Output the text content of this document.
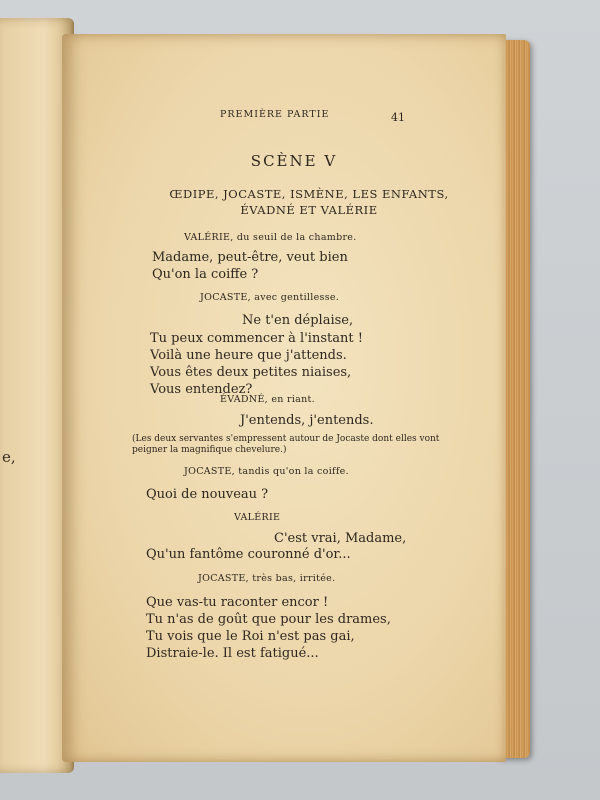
e,
PREMIÈRE PARTIE	41
SCÈNE V
ŒDIPE, JOCASTE, ISMÈNE, LES ENFANTS,
ÉVADNÉ ET VALÉRIE
VALÉRIE, du seuil de la chambre.
Madame, peut-être, veut bien
Qu'on la coiffe ?
JOCASTE, avec gentillesse.
Ne t'en déplaise,
Tu peux commencer à l'instant !
Voilà une heure que j'attends.
Vous êtes deux petites niaises,
Vous entendez?
ÉVADNÉ, en riant.
J'entends, j'entends.
(Les deux servantes s'empressent autour de Jocaste dont elles vont peigner la magnifique chevelure.)
JOCASTE, tandis qu'on la coiffe.
Quoi de nouveau ?
VALÉRIE
C'est vrai, Madame,
Qu'un fantôme couronné d'or...
JOCASTE, très bas, irritée.
Que vas-tu raconter encor !
Tu n'as de goût que pour les drames,
Tu vois que le Roi n'est pas gai,
Distraie-le. Il est fatigué...
